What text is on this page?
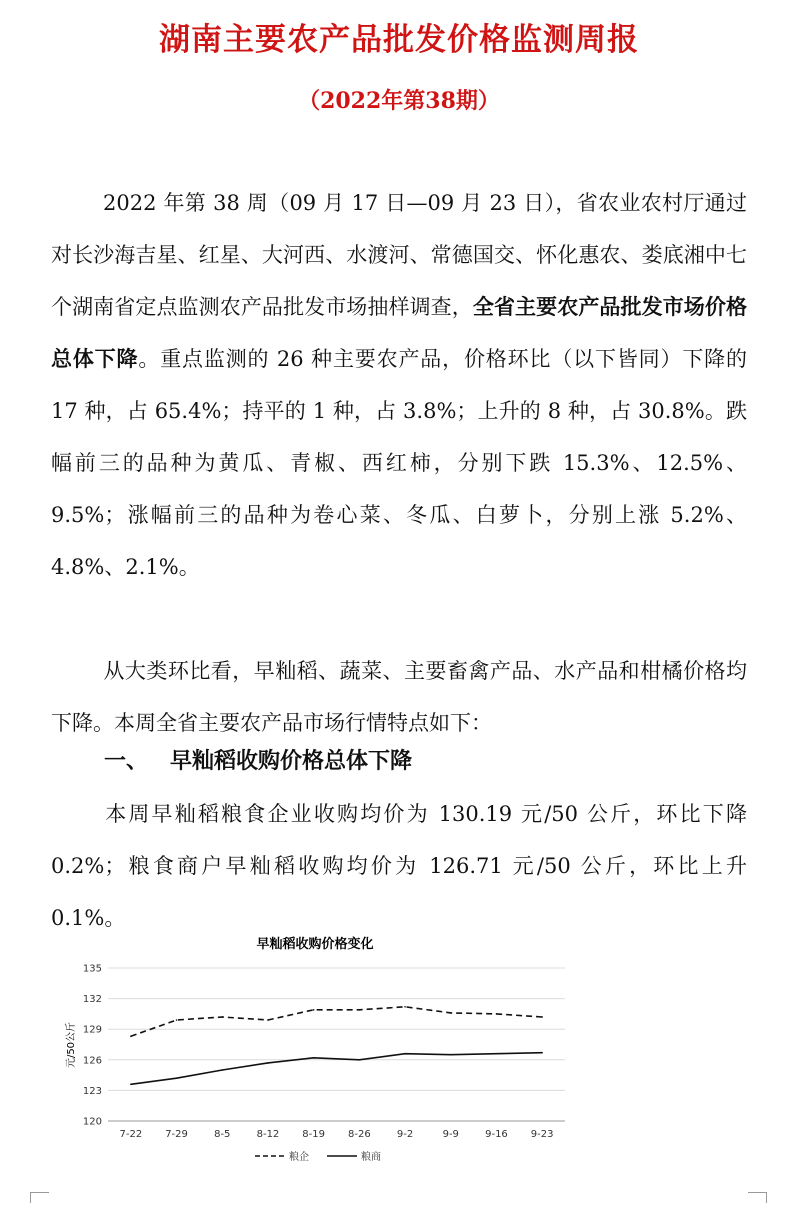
湖南主要农产品批发价格监测周报
（2022年第38期）

2022 年第 38 周（09 月 17 日—09 月 23 日），省农业农村厅通过对长沙海吉星、红星、大河西、水渡河、常德国交、怀化惠农、娄底湘中七个湖南省定点监测农产品批发市场抽样调查，全省主要农产品批发市场价格总体下降。重点监测的 26 种主要农产品，价格环比（以下皆同）下降的 17 种，占 65.4%；持平的 1 种，占 3.8%；上升的 8 种，占 30.8%。跌幅前三的品种为黄瓜、青椒、西红柿，分别下跌 15.3%、12.5%、9.5%；涨幅前三的品种为卷心菜、冬瓜、白萝卜，分别上涨 5.2%、4.8%、2.1%。

从大类环比看，早籼稻、蔬菜、主要畜禽产品、水产品和柑橘价格均下降。本周全省主要农产品市场行情特点如下：

一、 早籼稻收购价格总体下降

本周早籼稻粮食企业收购均价为 130.19 元/50 公斤，环比下降 0.2%；粮食商户早籼稻收购均价为 126.71 元/50 公斤，环比上升 0.1%。

早籼稻收购价格变化
元/50公斤
120
123
126
129
132
135
7-22 7-29	8-5	8-12 8-19 8-26	9-2	9-9	9-16 9-23
粮企	粮商
